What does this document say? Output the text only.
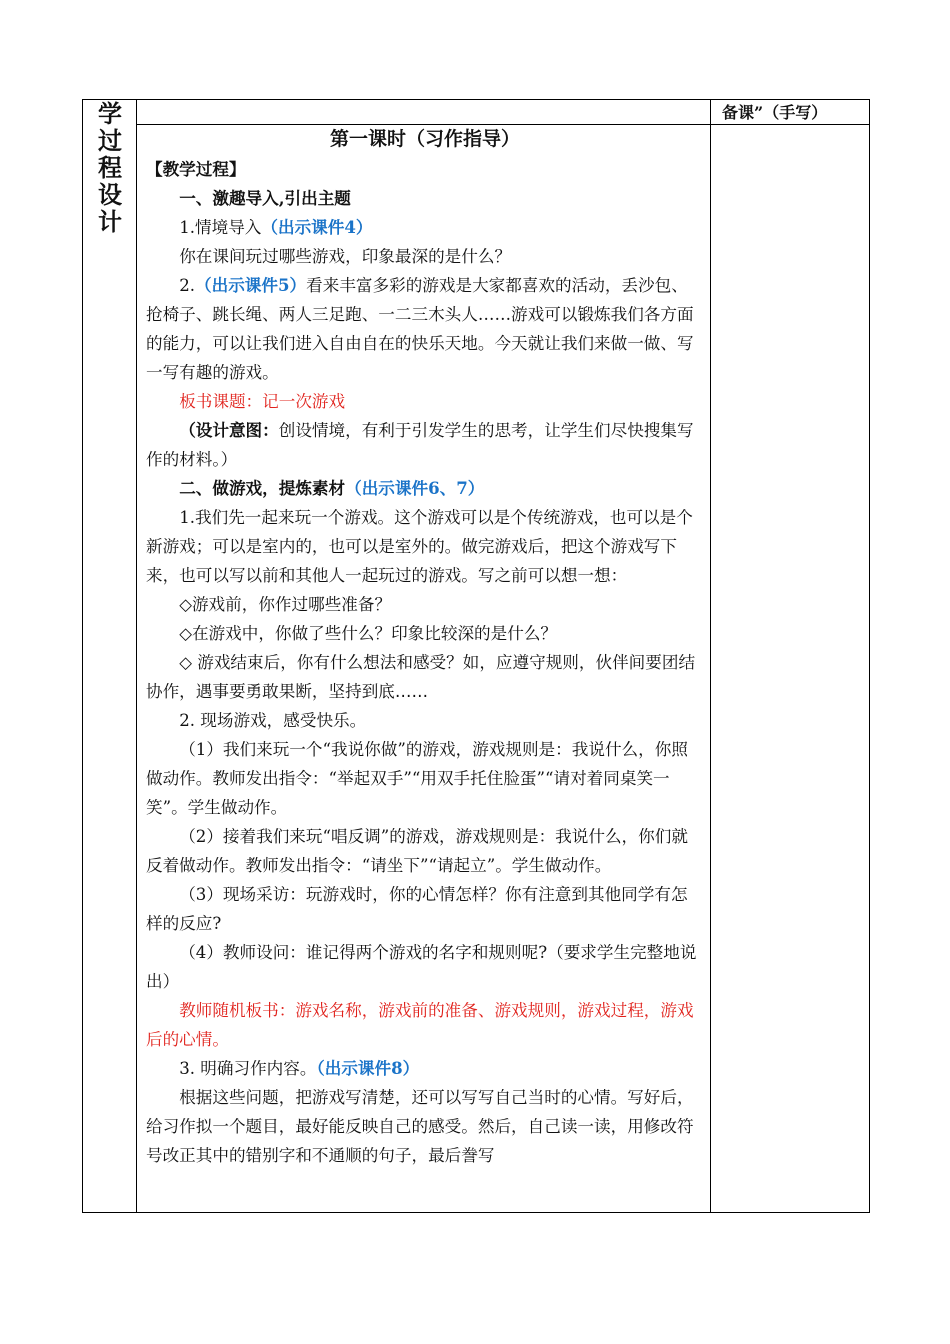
学
过
程
设
计
备课”（手写）

第一课时（习作指导）

【教学过程】

一、激趣导入,引出主题

1.情境导入（出示课件4）

你在课间玩过哪些游戏，印象最深的是什么？

2.（出示课件5）看来丰富多彩的游戏是大家都喜欢的活动，丢沙包、抢椅子、跳长绳、两人三足跑、一二三木头人……游戏可以锻炼我们各方面的能力，可以让我们进入自由自在的快乐天地。今天就让我们来做一做、写一写有趣的游戏。

板书课题：记一次游戏

（设计意图：创设情境，有利于引发学生的思考，让学生们尽快搜集写作的材料。）

二、做游戏，提炼素材（出示课件6、7）

1.我们先一起来玩一个游戏。这个游戏可以是个传统游戏，也可以是个新游戏；可以是室内的，也可以是室外的。做完游戏后，把这个游戏写下来，也可以写以前和其他人一起玩过的游戏。写之前可以想一想：

◇游戏前，你作过哪些准备？

◇在游戏中，你做了些什么？印象比较深的是什么？

◇ 游戏结束后，你有什么想法和感受？如，应遵守规则，伙伴间要团结协作，遇事要勇敢果断，坚持到底……

2. 现场游戏，感受快乐。

（1）我们来玩一个“我说你做”的游戏，游戏规则是：我说什么，你照做动作。教师发出指令：“举起双手”“用双手托住脸蛋”“请对着同桌笑一笑”。学生做动作。

（2）接着我们来玩“唱反调”的游戏，游戏规则是：我说什么，你们就反着做动作。教师发出指令：“请坐下”“请起立”。学生做动作。

（3）现场采访：玩游戏时，你的心情怎样？你有注意到其他同学有怎样的反应?

（4）教师设问：谁记得两个游戏的名字和规则呢?（要求学生完整地说出）

教师随机板书：游戏名称，游戏前的准备、游戏规则，游戏过程，游戏后的心情。

3. 明确习作内容。（出示课件8）

根据这些问题，把游戏写清楚，还可以写写自己当时的心情。写好后，给习作拟一个题目，最好能反映自己的感受。然后，自己读一读，用修改符号改正其中的错别字和不通顺的句子，最后誊写
